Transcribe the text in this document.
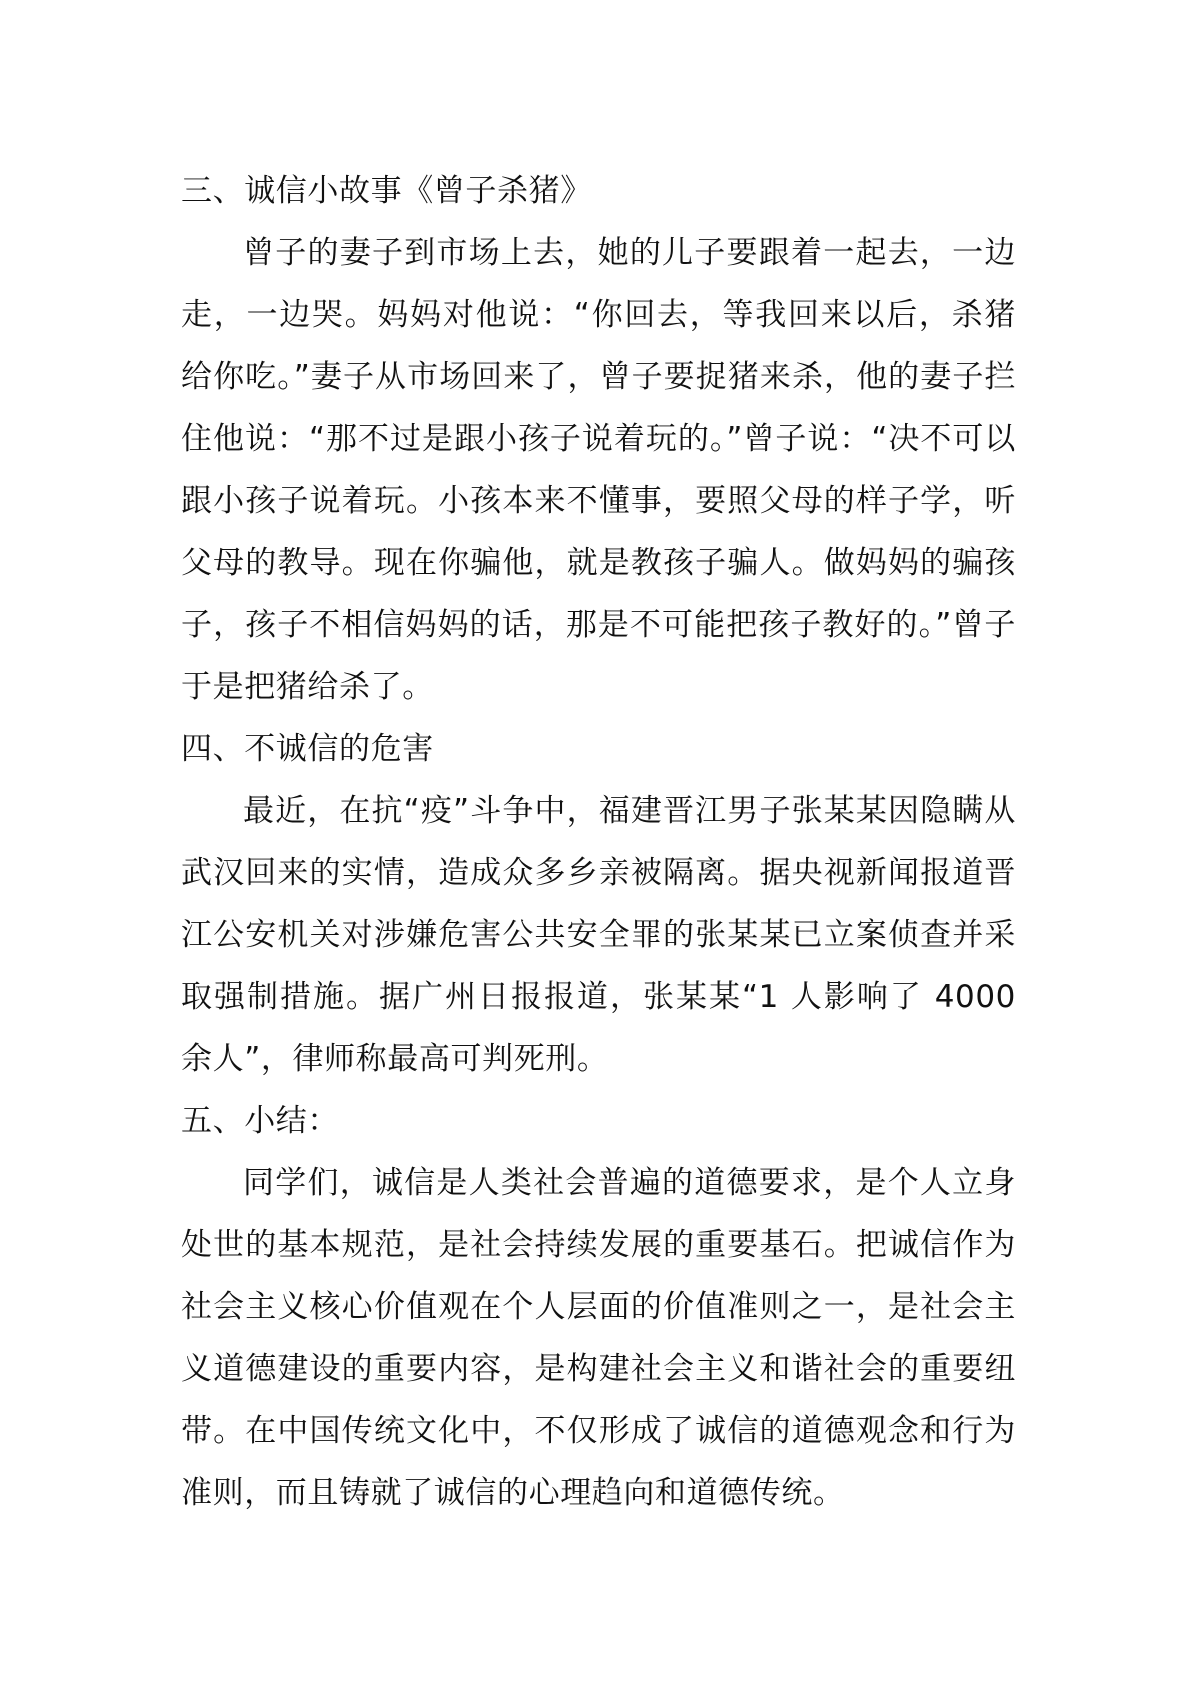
三、诚信小故事《曾子杀猪》

曾子的妻子到市场上去，她的儿子要跟着一起去，一边走，一边哭。妈妈对他说：“你回去，等我回来以后，杀猪给你吃。”妻子从市场回来了，曾子要捉猪来杀，他的妻子拦住他说：“那不过是跟小孩子说着玩的。”曾子说：“决不可以跟小孩子说着玩。小孩本来不懂事，要照父母的样子学，听父母的教导。现在你骗他，就是教孩子骗人。做妈妈的骗孩子，孩子不相信妈妈的话，那是不可能把孩子教好的。”曾子于是把猪给杀了。

四、不诚信的危害

最近，在抗“疫”斗争中，福建晋江男子张某某因隐瞒从武汉回来的实情，造成众多乡亲被隔离。据央视新闻报道晋江公安机关对涉嫌危害公共安全罪的张某某已立案侦查并采取强制措施。据广州日报报道，张某某“1 人影响了 4000 余人”，律师称最高可判死刑。

五、小结：

同学们，诚信是人类社会普遍的道德要求，是个人立身处世的基本规范，是社会持续发展的重要基石。把诚信作为社会主义核心价值观在个人层面的价值准则之一，是社会主义道德建设的重要内容，是构建社会主义和谐社会的重要纽带。在中国传统文化中，不仅形成了诚信的道德观念和行为准则，而且铸就了诚信的心理趋向和道德传统。
